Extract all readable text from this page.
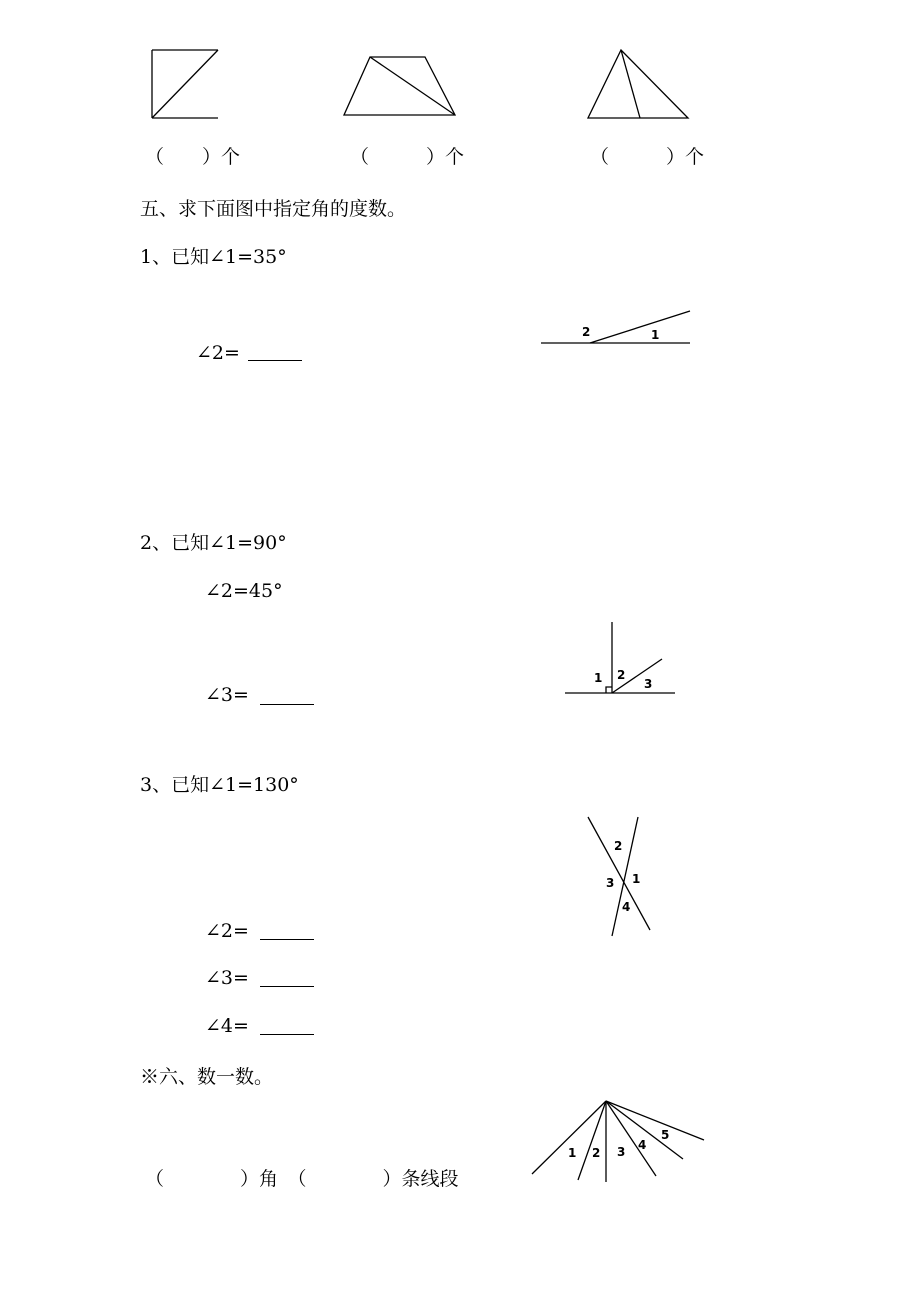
（　　）个	（　　　）个	（　　　）个
五、求下面图中指定角的度数。
1、已知∠1=35°
∠2=
2	1
2、已知∠1=90°
∠2=45°
∠3=
1 2
3
3、已知∠1=130°
2
3 1
4
∠2=
∠3=
∠4=
※六、数一数。
1 2 3 4
5
（　　　　）角　（　　　　）条线段
